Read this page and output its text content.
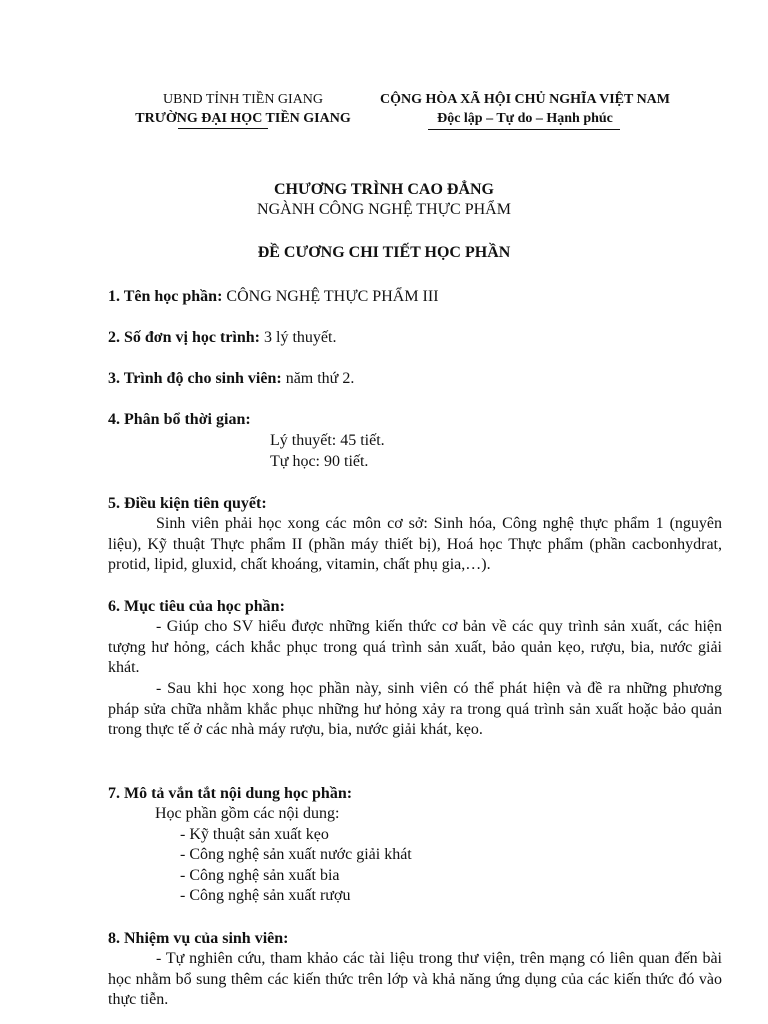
UBND TỈNH TIỀN GIANG
TRƯỜNG ĐẠI HỌC TIỀN GIANG
CỘNG HÒA XÃ HỘI CHỦ NGHĨA VIỆT NAM
Độc lập – Tự do – Hạnh phúc
CHƯƠNG TRÌNH CAO ĐẲNG
NGÀNH CÔNG NGHỆ THỰC PHẨM
ĐỀ CƯƠNG CHI TIẾT HỌC PHẦN
1. Tên học phần: CÔNG NGHỆ THỰC PHẨM III
2. Số đơn vị học trình: 3 lý thuyết.
3. Trình độ cho sinh viên: năm thứ 2.
4. Phân bổ thời gian:
Lý thuyết: 45 tiết.
Tự học: 90 tiết.
5. Điều kiện tiên quyết:
Sinh viên phải học xong các môn cơ sở: Sinh hóa, Công nghệ thực phẩm 1 (nguyên liệu), Kỹ thuật Thực phẩm II (phần máy thiết bị), Hoá học Thực phẩm (phần cacbonhydrat, protid, lipid, gluxid, chất khoáng, vitamin, chất phụ gia,…).
6. Mục tiêu của học phần:
- Giúp cho SV hiểu được những kiến thức cơ bản về các quy trình sản xuất, các hiện tượng hư hỏng, cách khắc phục trong quá trình sản xuất, bảo quản kẹo, rượu, bia, nước giải khát.
- Sau khi học xong học phần này, sinh viên có thể phát hiện và đề ra những phương pháp sửa chữa nhằm khắc phục những hư hỏng xảy ra trong quá trình sản xuất hoặc bảo quản trong thực tế ở các nhà máy rượu, bia, nước giải khát, kẹo.
7. Mô tả vắn tắt nội dung học phần:
Học phần gồm các nội dung:
- Kỹ thuật sản xuất kẹo
- Công nghệ sản xuất nước giải khát
- Công nghệ sản xuất bia
- Công nghệ sản xuất rượu
8. Nhiệm vụ của sinh viên:
- Tự nghiên cứu, tham khảo các tài liệu trong thư viện, trên mạng có liên quan đến bài học nhằm bổ sung thêm các kiến thức trên lớp và khả năng ứng dụng của các kiến thức đó vào thực tiễn.
